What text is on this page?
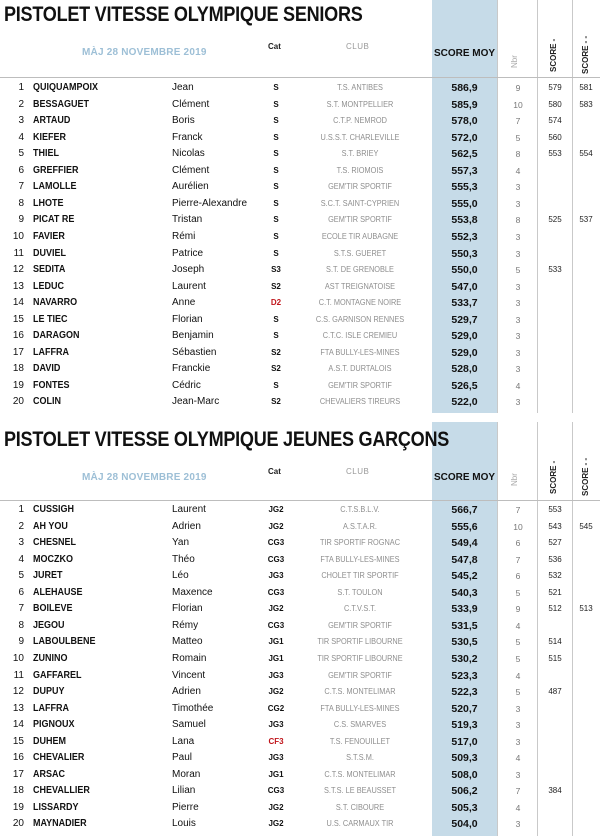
PISTOLET VITESSE OLYMPIQUE SENIORS
MÀJ 28 NOVEMBRE 2019
Cat	CLUB
SCORE MOY
Nbr	SCORE -	SCORE - -
1 QUIQUAMPOIX	Jean	S	T.S. ANTIBES	586,9	9	579	581
2 BESSAGUET	Clément	S	S.T. MONTPELLIER	585,9	10	580	583
3 ARTAUD	Boris	S	C.T.P. NEMROD	578,0	7	574
4 KIEFER	Franck	S	U.S.S.T. CHARLEVILLE	572,0	5	560
5 THIEL	Nicolas	S	S.T. BRIEY	562,5	8	553	554
6 GREFFIER	Clément	S	T.S. RIOMOIS	557,3	4
7 LAMOLLE	Aurélien	S	GEM'TIR SPORTIF	555,3	3
8 LHOTE	Pierre-Alexandre	S	S.C.T. SAINT-CYPRIEN	555,0	3
9 PICAT RE	Tristan	S	GEM'TIR SPORTIF	553,8	8	525	537
10 FAVIER	Rémi	S	ECOLE TIR AUBAGNE	552,3	3
11 DUVIEL	Patrice	S	S.T.S. GUERET	550,3	3
12 SEDITA	Joseph	S3	S.T. DE GRENOBLE	550,0	5	533
13 LEDUC	Laurent	S2	AST TREIGNATOISE	547,0	3
14 NAVARRO	Anne	D2	C.T. MONTAGNE NOIRE	533,7	3
15 LE TIEC	Florian	S	C.S. GARNISON RENNES	529,7	3
16 DARAGON	Benjamin	S	C.T.C. ISLE CREMIEU	529,0	3
17 LAFFRA	Sébastien	S2	FTA BULLY-LES-MINES	529,0	3
18 DAVID	Franckie	S2	A.S.T. DURTALOIS	528,0	3
19 FONTES	Cédric	S	GEM'TIR SPORTIF	526,5	4
20 COLIN	Jean-Marc	S2	CHEVALIERS TIREURS	522,0	3
PISTOLET VITESSE OLYMPIQUE JEUNES GARÇONS
MÀJ 28 NOVEMBRE 2019
Cat	CLUB
SCORE MOY Nbr	SCORE -	SCORE - -
1 CUSSIGH	Laurent	JG2	C.T.S.B.L.V.	566,7	7	553
2 AH YOU	Adrien	JG2	A.S.T.A.R.	555,6	10	543	545
3 CHESNEL	Yan	CG3	TIR SPORTIF ROGNAC	549,4	6	527
4 MOCZKO	Théo	CG3	FTA BULLY-LES-MINES	547,8	7	536
5 JURET	Léo	JG3	CHOLET TIR SPORTIF	545,2	6	532
6 ALEHAUSE	Maxence	CG3	S.T. TOULON	540,3	5	521
7 BOILEVE	Florian	JG2	C.T.V.S.T.	533,9	9	512	513
8 JEGOU	Rémy	CG3	GEM'TIR SPORTIF	531,5	4
9 LABOULBENE	Matteo	JG1	TIR SPORTIF LIBOURNE	530,5	5	514
10 ZUNINO	Romain	JG1	TIR SPORTIF LIBOURNE	530,2	5	515
11 GAFFAREL	Vincent	JG3	GEM'TIR SPORTIF	523,3	4
12 DUPUY	Adrien	JG2	C.T.S. MONTELIMAR	522,3	5	487
13 LAFFRA	Timothée	CG2	FTA BULLY-LES-MINES	520,7	3
14 PIGNOUX	Samuel	JG3	C.S. SMARVES	519,3	3
15 DUHEM	Lana	CF3	T.S. FENOUILLET	517,0	3
16 CHEVALIER	Paul	JG3	S.T.S.M.	509,3	4
17 ARSAC	Moran	JG1	C.T.S. MONTELIMAR	508,0	3
18 CHEVALLIER	Lilian	CG3	S.T.S. LE BEAUSSET	506,2	7	384
19 LISSARDY	Pierre	JG2	S.T. CIBOURE	505,3	4
20 MAYNADIER	Louis	JG2	U.S. CARMAUX TIR	504,0	3
